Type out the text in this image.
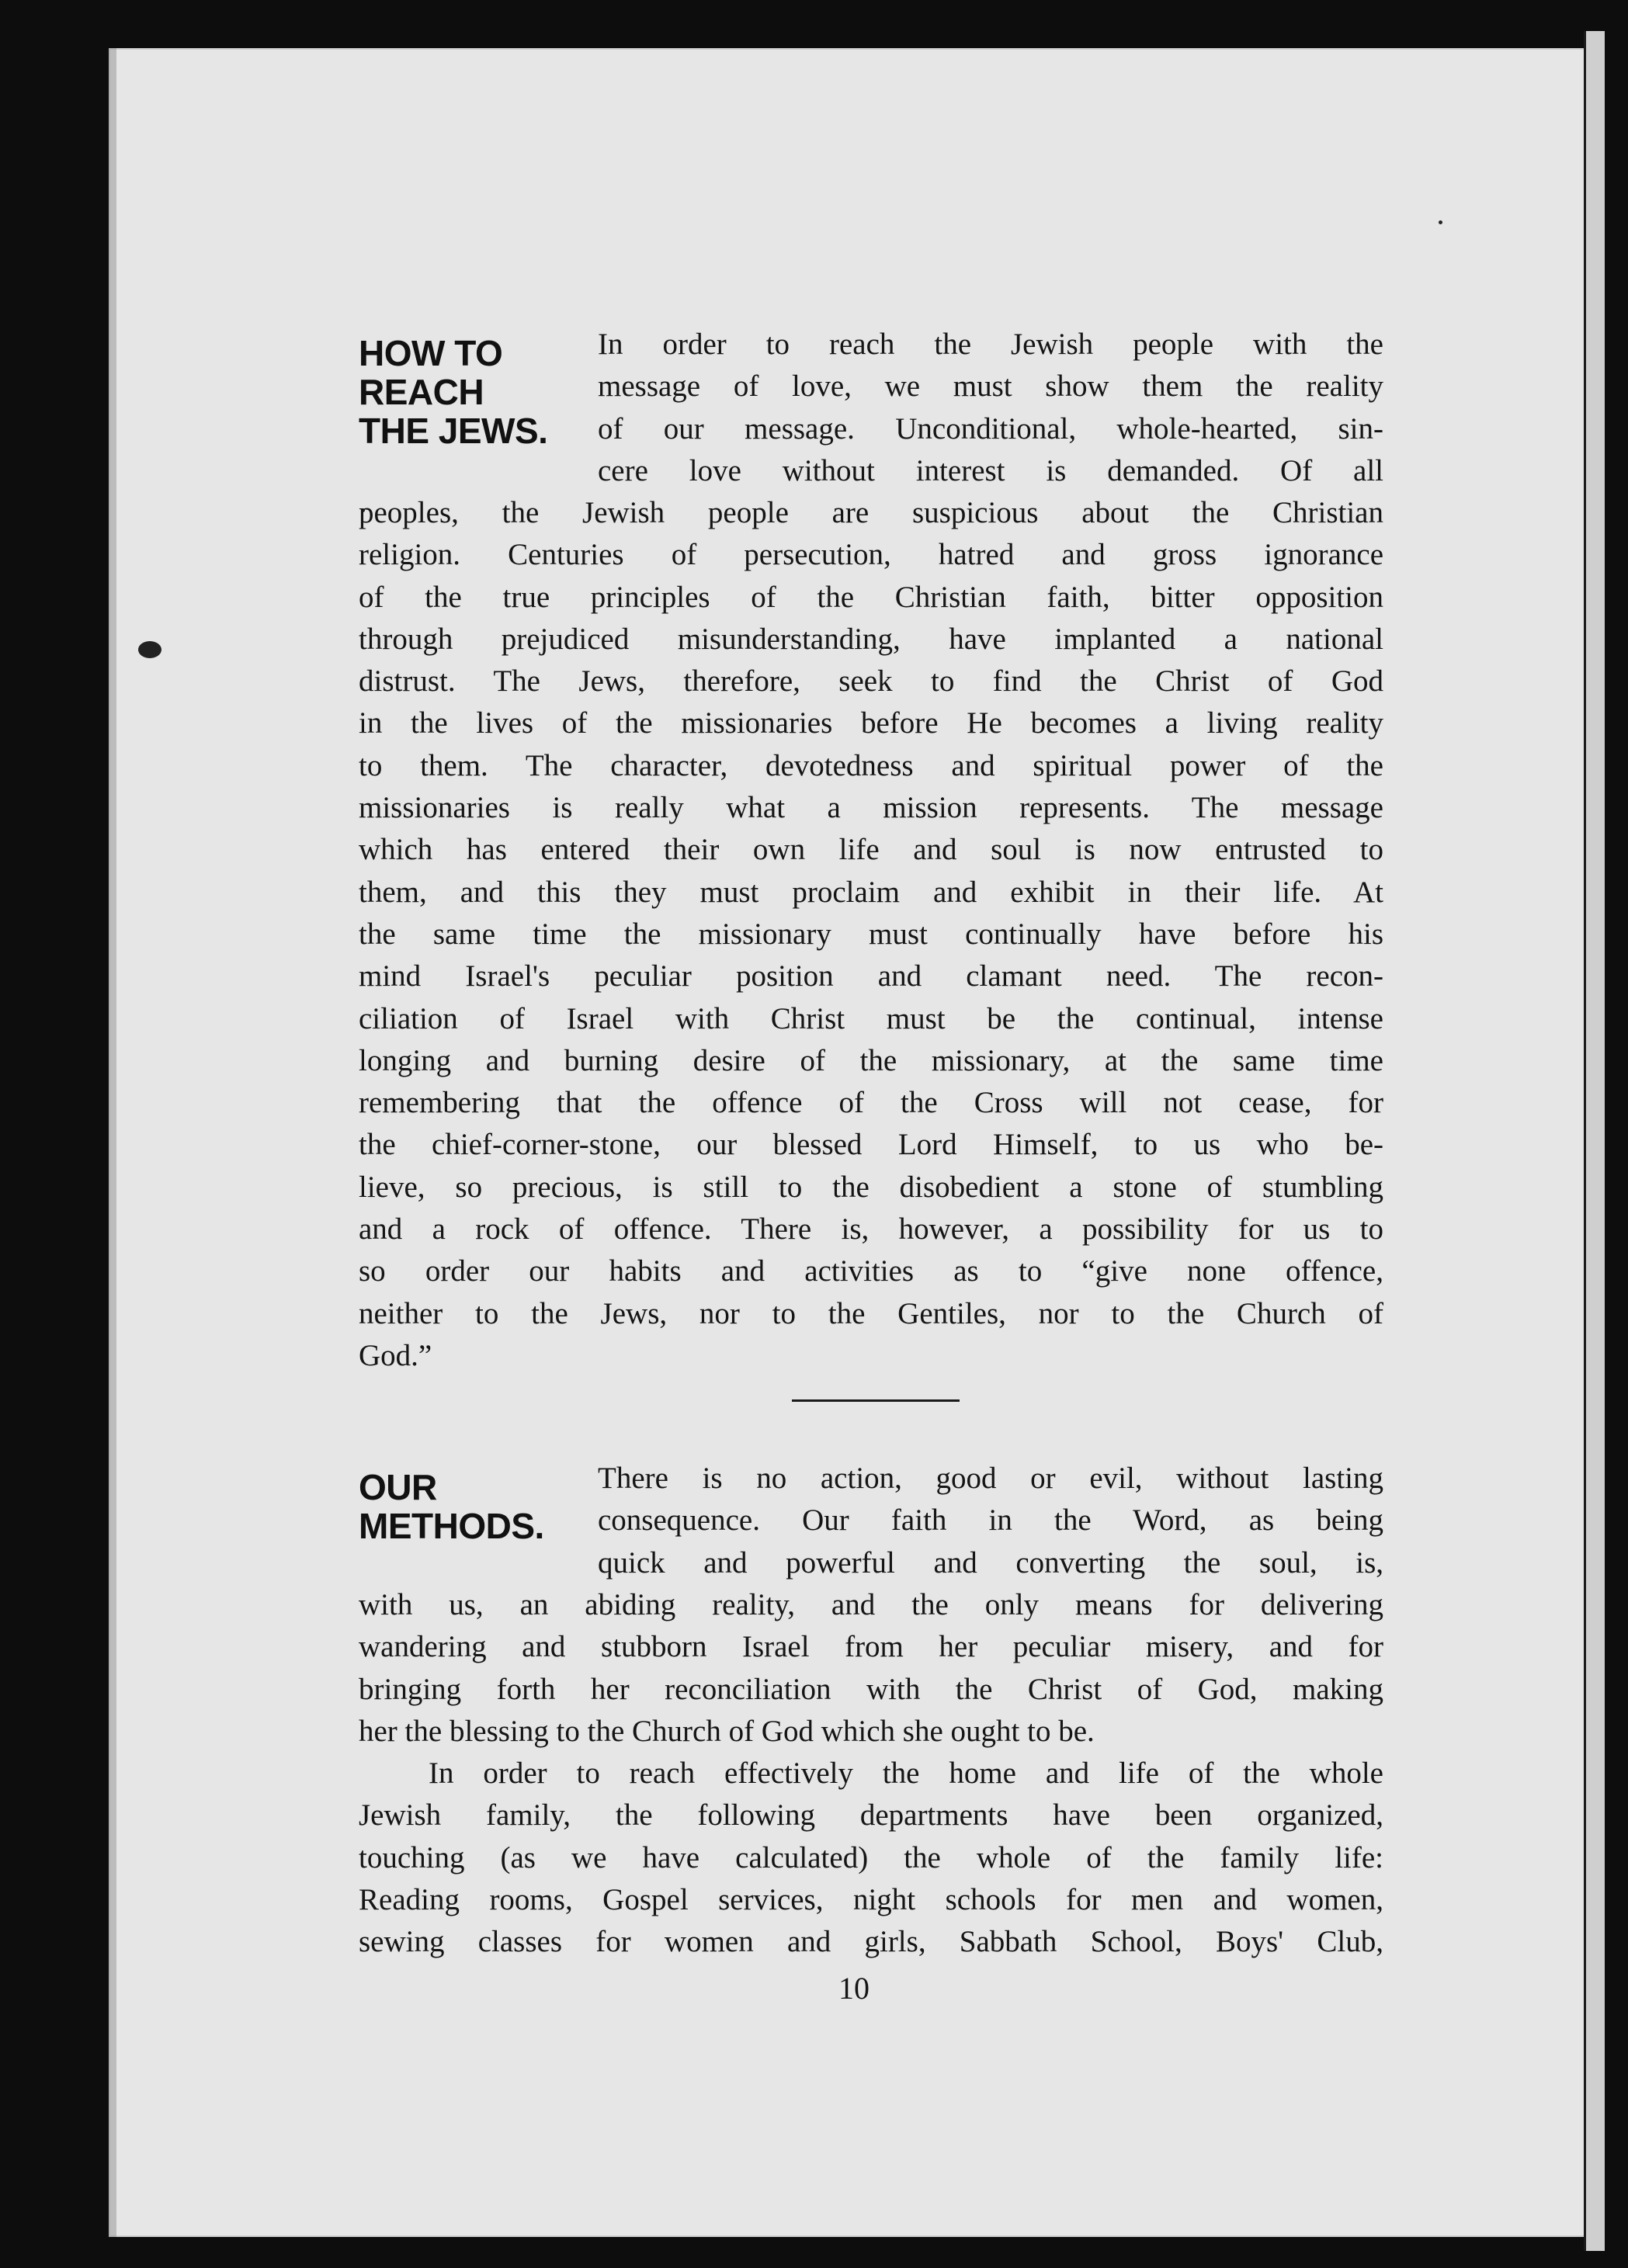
HOW TO
REACH
THE JEWS.
In order to reach the Jewish people with the
message of love, we must show them the reality
of our message. Unconditional, whole-hearted, sin-
cere love without interest is demanded. Of all
peoples, the Jewish people are suspicious about the Christian
religion. Centuries of persecution, hatred and gross ignorance
of the true principles of the Christian faith, bitter opposition
through prejudiced misunderstanding, have implanted a national
distrust. The Jews, therefore, seek to find the Christ of God
in the lives of the missionaries before He becomes a living reality
to them. The character, devotedness and spiritual power of the
missionaries is really what a mission represents. The message
which has entered their own life and soul is now entrusted to
them, and this they must proclaim and exhibit in their life. At
the same time the missionary must continually have before his
mind Israel's peculiar position and clamant need. The recon-
ciliation of Israel with Christ must be the continual, intense
longing and burning desire of the missionary, at the same time
remembering that the offence of the Cross will not cease, for
the chief-corner-stone, our blessed Lord Himself, to us who be-
lieve, so precious, is still to the disobedient a stone of stumbling
and a rock of offence. There is, however, a possibility for us to
so order our habits and activities as to “give none offence,
neither to the Jews, nor to the Gentiles, nor to the Church of
God.”
OUR
METHODS.
There is no action, good or evil, without lasting
consequence. Our faith in the Word, as being
quick and powerful and converting the soul, is,
with us, an abiding reality, and the only means for delivering
wandering and stubborn Israel from her peculiar misery, and for
bringing forth her reconciliation with the Christ of God, making
her the blessing to the Church of God which she ought to be.
In order to reach effectively the home and life of the whole
Jewish family, the following departments have been organized,
touching (as we have calculated) the whole of the family life:
Reading rooms, Gospel services, night schools for men and women,
sewing classes for women and girls, Sabbath School, Boys' Club,
10
